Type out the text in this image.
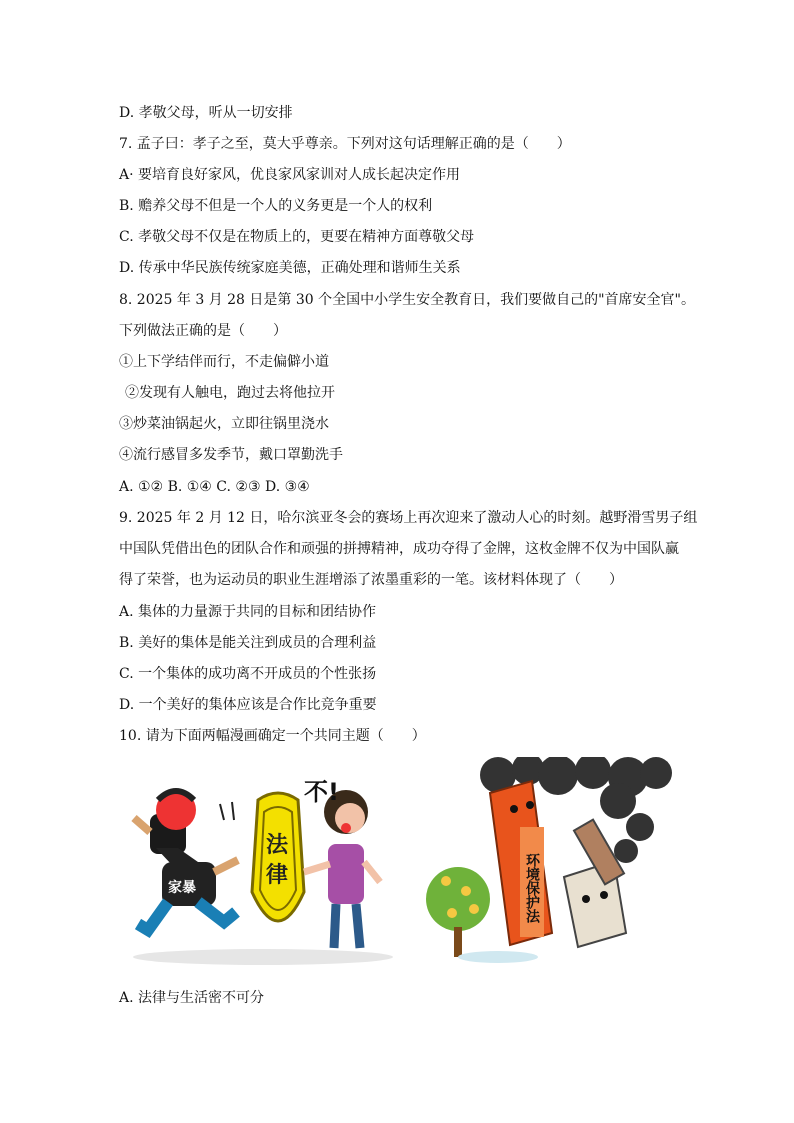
D. 孝敬父母，听从一切安排
7. 孟子曰：孝子之至，莫大乎尊亲。下列对这句话理解正确的是（　　）
A· 要培育良好家风，优良家风家训对人成长起决定作用
B. 赡养父母不但是一个人的义务更是一个人的权利
C. 孝敬父母不仅是在物质上的，更要在精神方面尊敬父母
D. 传承中华民族传统家庭美德，正确处理和谐师生关系
8. 2025 年 3 月 28 日是第 30 个全国中小学生安全教育日，我们要做自己的"首席安全官"。
下列做法正确的是（　　）
①上下学结伴而行，不走偏僻小道
②发现有人触电，跑过去将他拉开
③炒菜油锅起火，立即往锅里浇水
④流行感冒多发季节，戴口罩勤洗手
A. ①② B. ①④ C. ②③ D. ③④
9. 2025 年 2 月 12 日，哈尔滨亚冬会的赛场上再次迎来了激动人心的时刻。越野滑雪男子组
中国队凭借出色的团队合作和顽强的拼搏精神，成功夺得了金牌，这枚金牌不仅为中国队赢
得了荣誉，也为运动员的职业生涯增添了浓墨重彩的一笔。该材料体现了（　　）
A. 集体的力量源于共同的目标和团结协作
B. 美好的集体是能关注到成员的合理利益
C. 一个集体的成功离不开成员的个性张扬
D. 一个美好的集体应该是合作比竞争重要
10. 请为下面两幅漫画确定一个共同主题（　　）
家暴
法
律
不!
环境保护法
A. 法律与生活密不可分
